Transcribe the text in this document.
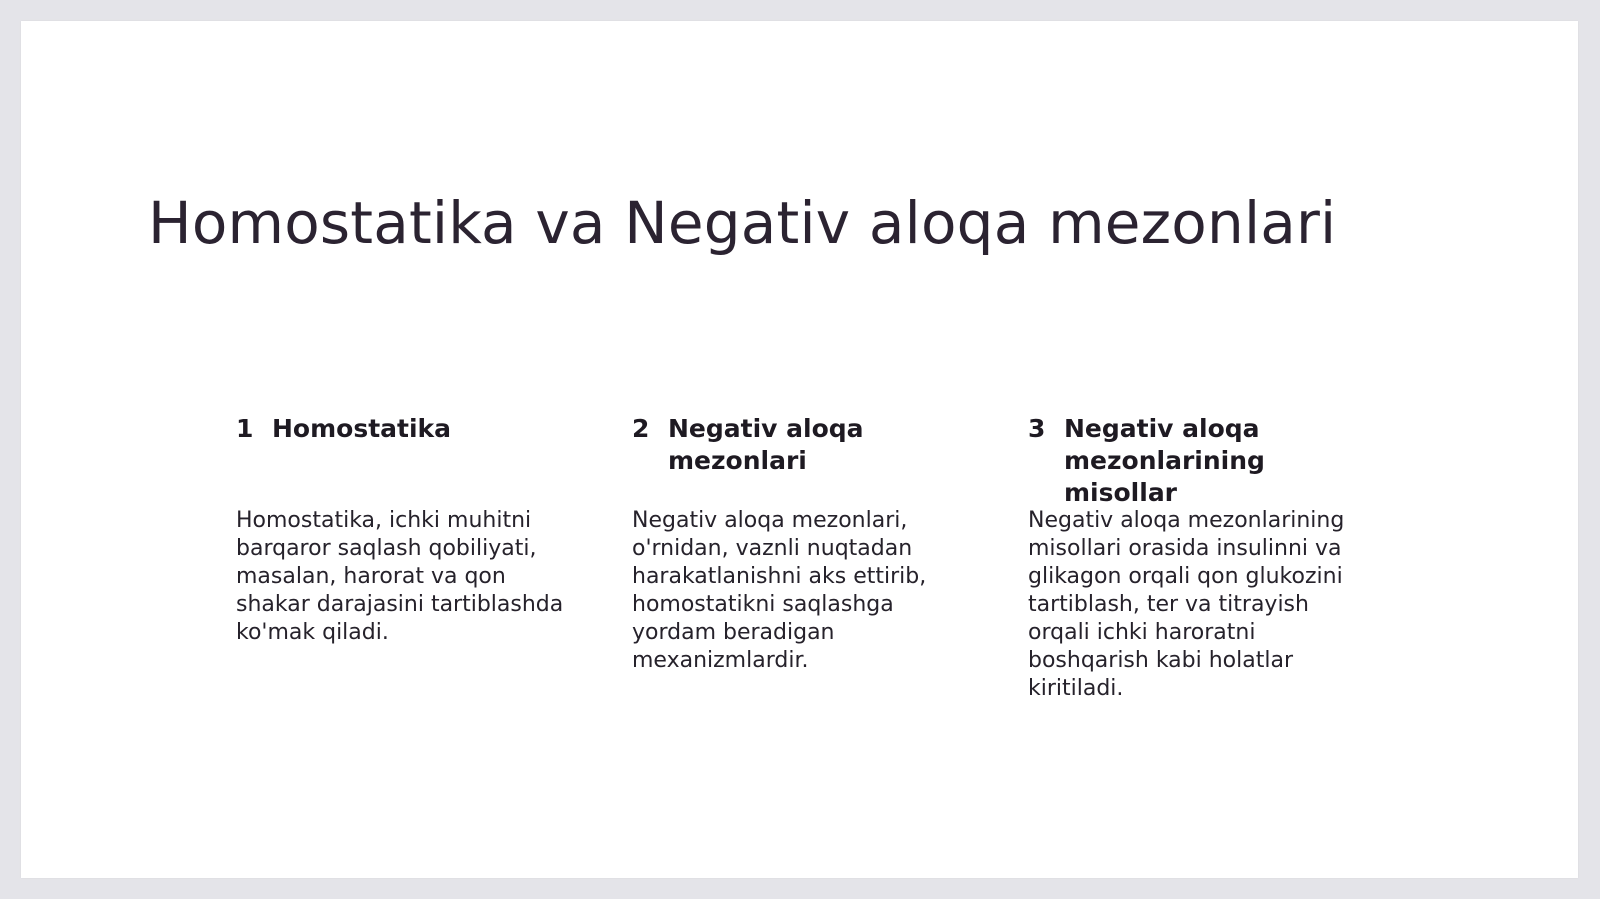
Homostatika va Negativ aloqa mezonlari
1 Homostatika

Homostatika, ichki muhitni barqaror saqlash qobiliyati, masalan, harorat va qon shakar darajasini tartiblashda ko'mak qiladi.

2 Negativ aloqa mezonlari

Negativ aloqa mezonlari, o'rnidan, vaznli nuqtadan harakatlanishni aks ettirib, homostatikni saqlashga yordam beradigan mexanizmlardir.

3 Negativ aloqa mezonlarining misollar

Negativ aloqa mezonlarining misollari orasida insulinni va glikagon orqali qon glukozini tartiblash, ter va titrayish orqali ichki haroratni boshqarish kabi holatlar kiritiladi.
